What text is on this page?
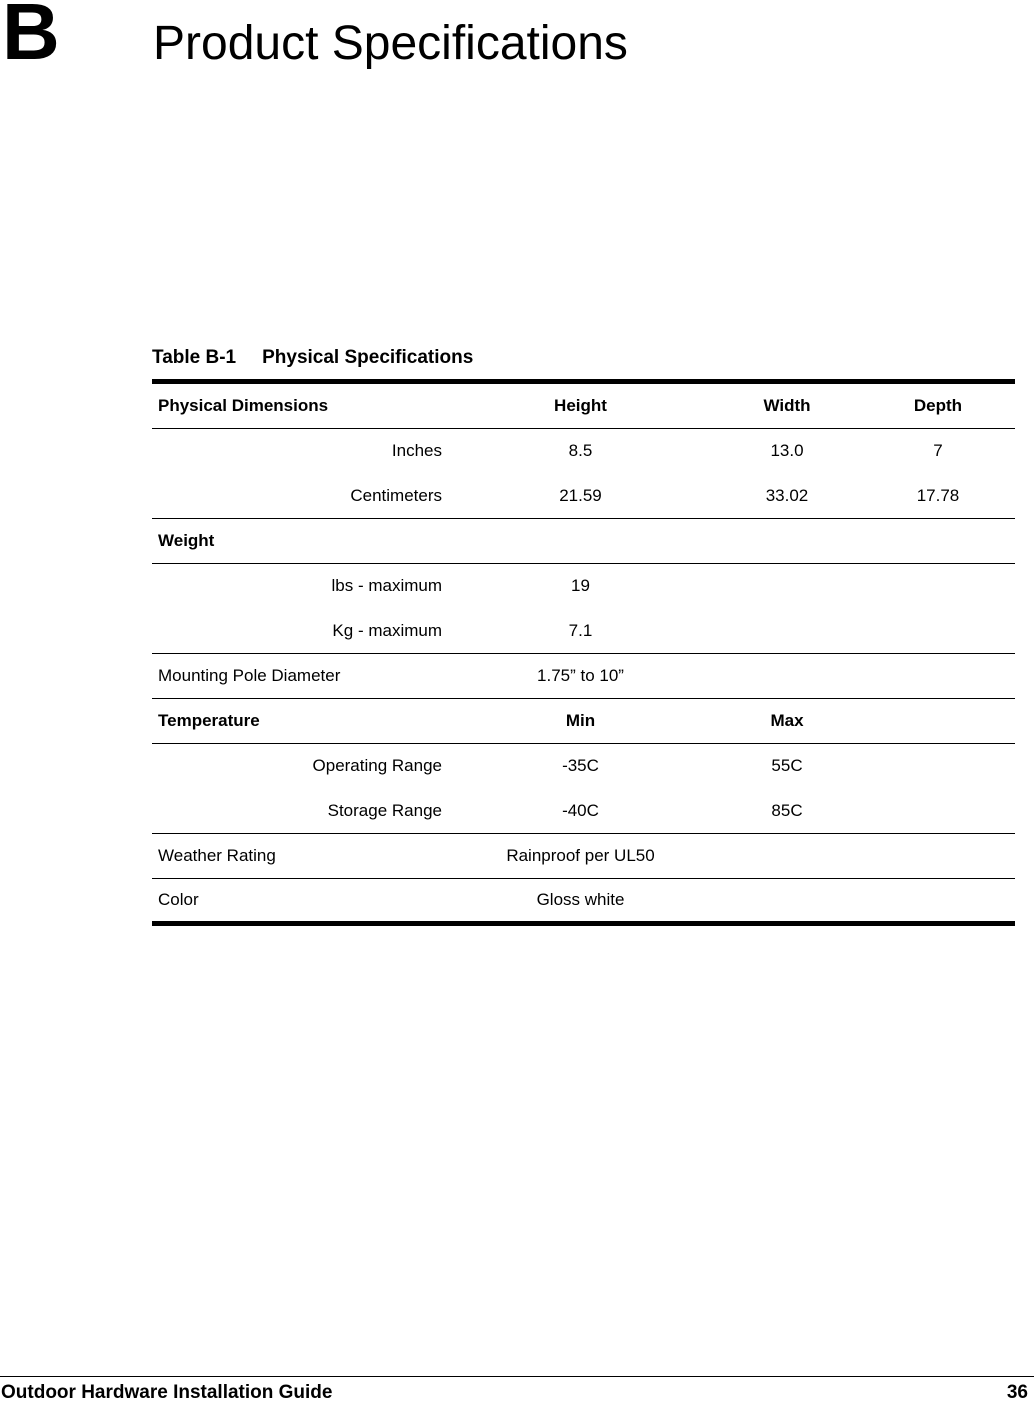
B Product Specifications
Table B-1 Physical Specifications
Physical Dimensions	Height	Width	Depth
Inches	8.5	13.0	7
Centimeters	21.59	33.02	17.78
Weight			
lbs - maximum	19		
Kg - maximum	7.1		
Mounting Pole Diameter	1.75” to 10”		
Temperature	Min	Max	
Operating Range	-35C	55C	
Storage Range	-40C	85C	
Weather Rating	Rainproof per UL50		
Color	Gloss white		
Outdoor Hardware Installation Guide	36
